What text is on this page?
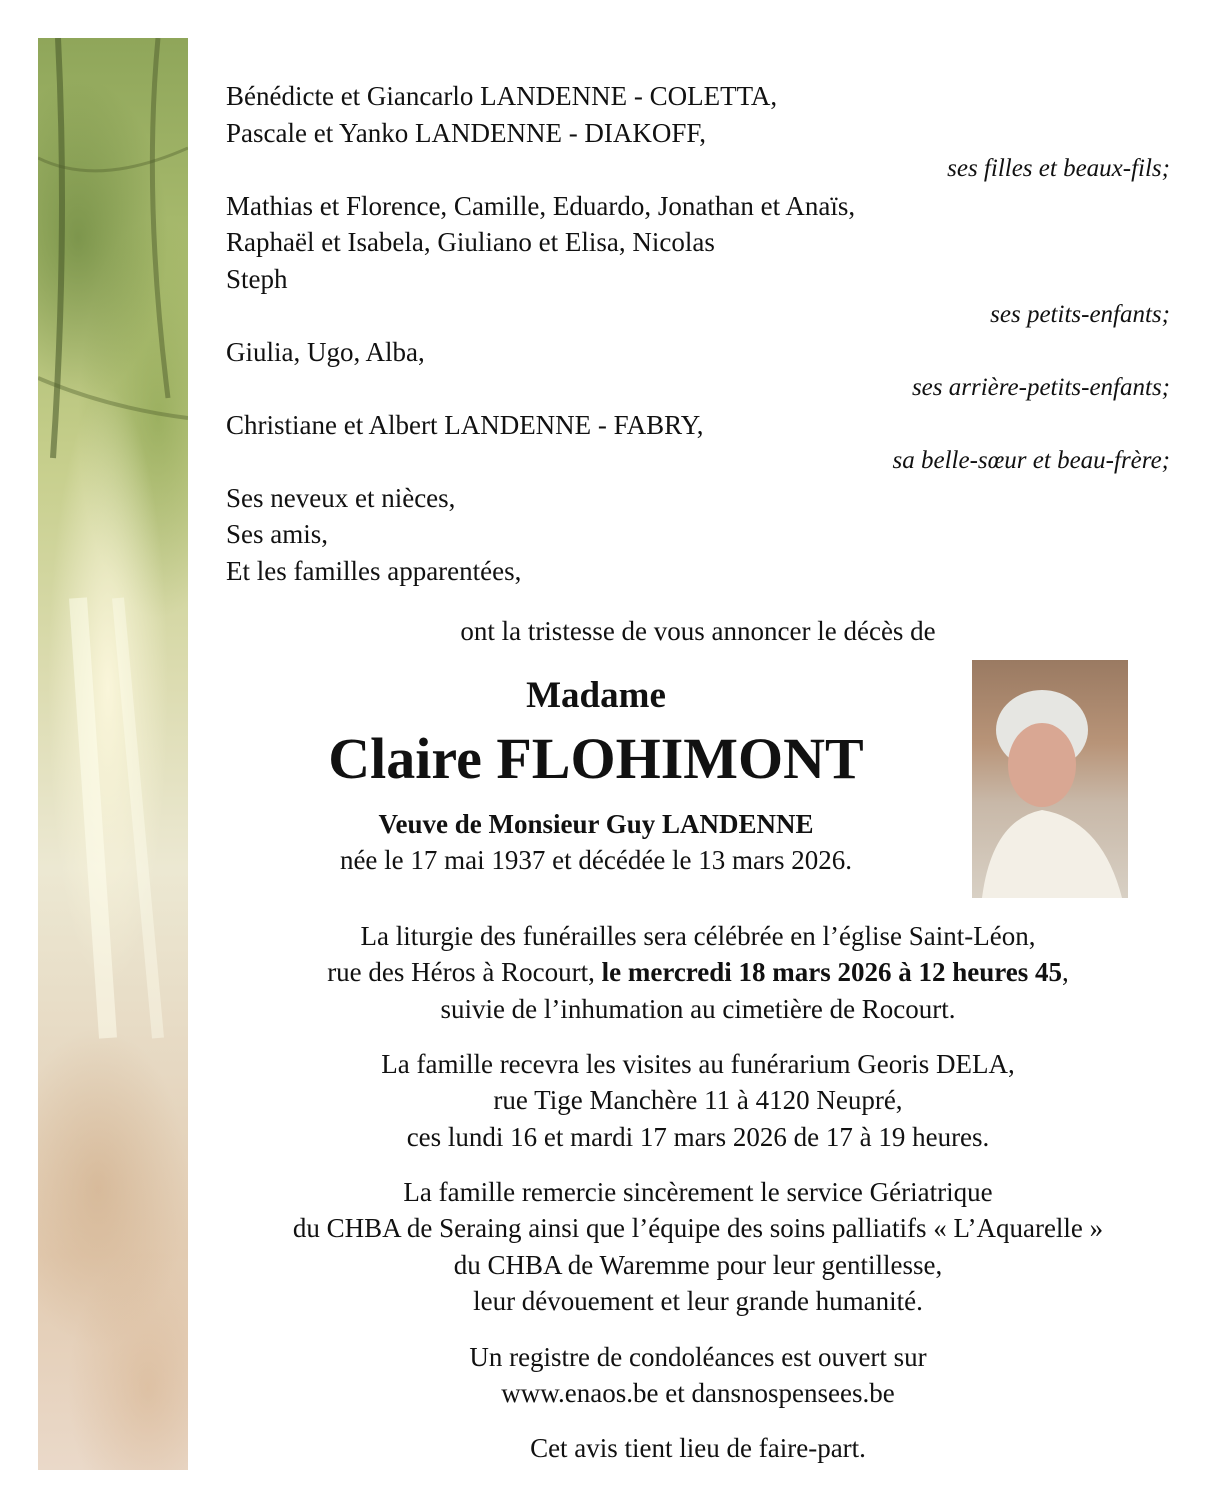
Bénédicte et Giancarlo LANDENNE - COLETTA,

Pascale et Yanko LANDENNE - DIAKOFF,

ses filles et beaux-fils;

Mathias et Florence, Camille, Eduardo, Jonathan et Anaïs,

Raphaël et Isabela, Giuliano et Elisa, Nicolas

Steph

ses petits-enfants;

Giulia, Ugo, Alba,

ses arrière-petits-enfants;

Christiane et Albert LANDENNE - FABRY,

sa belle-sœur et beau-frère;

Ses neveux et nièces,

Ses amis,

Et les familles apparentées,

ont la tristesse de vous annoncer le décès de
Madame
Claire FLOHIMONT
Veuve de Monsieur Guy LANDENNE
née le 17 mai 1937 et décédée le 13 mars 2026.
La liturgie des funérailles sera célébrée en l’église Saint-Léon,
rue des Héros à Rocourt, le mercredi 18 mars 2026 à 12 heures 45,
suivie de l’inhumation au cimetière de Rocourt.
La famille recevra les visites au funérarium Georis DELA,
rue Tige Manchère 11 à 4120 Neupré,
ces lundi 16 et mardi 17 mars 2026 de 17 à 19 heures.
La famille remercie sincèrement le service Gériatrique
du CHBA de Seraing ainsi que l’équipe des soins palliatifs « L’Aquarelle »
du CHBA de Waremme pour leur gentillesse,
leur dévouement et leur grande humanité.
Un registre de condoléances est ouvert sur
www.enaos.be et dansnospensees.be
Cet avis tient lieu de faire-part.
